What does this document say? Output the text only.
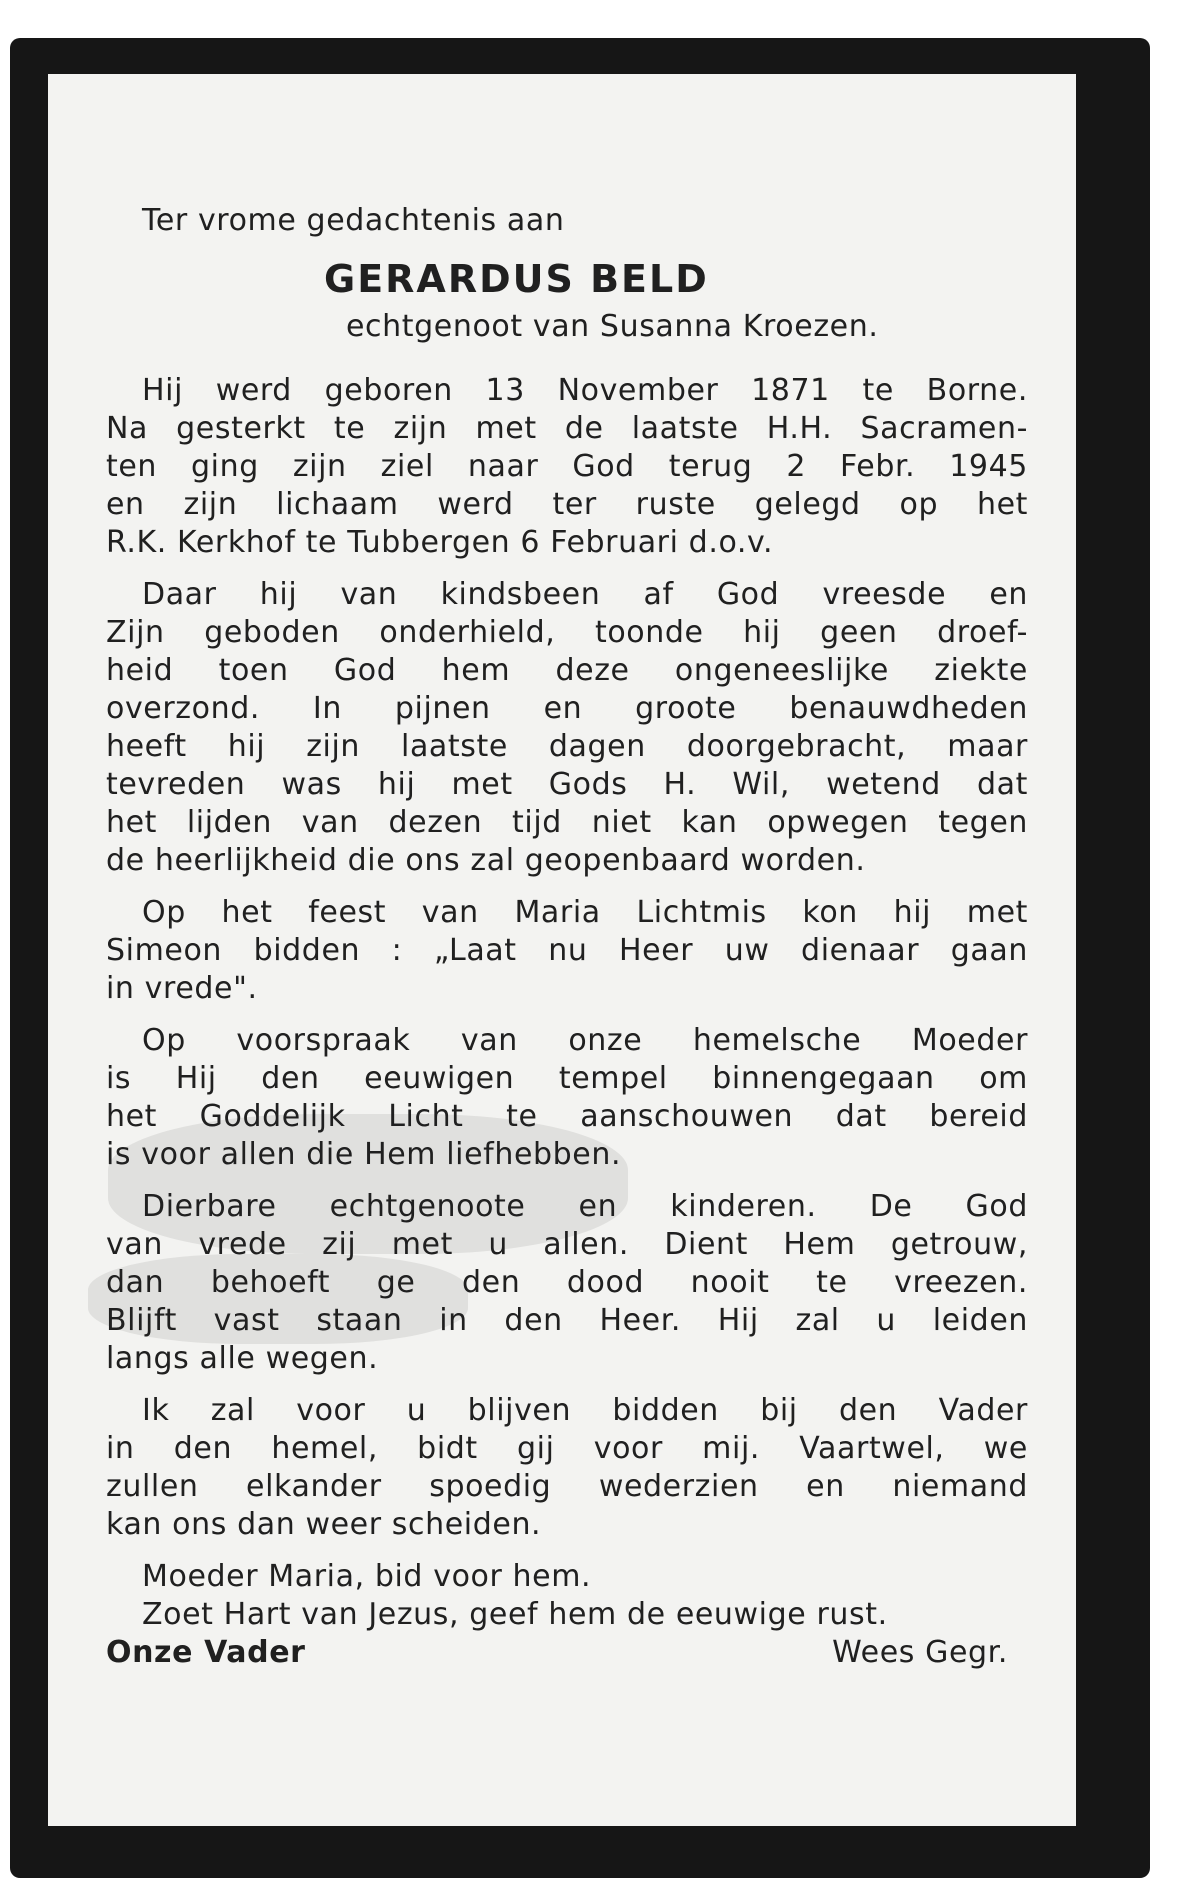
Ter vrome gedachtenis aan
GERARDUS BELD
echtgenoot van Susanna Kroezen.
Hij werd geboren 13 November 1871 te Borne.
Na gesterkt te zijn met de laatste H.H. Sacramen-
ten ging zijn ziel naar God terug 2 Febr. 1945
en zijn lichaam werd ter ruste gelegd op het
R.K. Kerkhof te Tubbergen 6 Februari d.o.v.
Daar hij van kindsbeen af God vreesde en
Zijn geboden onderhield, toonde hij geen droef-
heid toen God hem deze ongeneeslijke ziekte
overzond. In pijnen en groote benauwdheden
heeft hij zijn laatste dagen doorgebracht, maar
tevreden was hij met Gods H. Wil, wetend dat
het lijden van dezen tijd niet kan opwegen tegen
de heerlijkheid die ons zal geopenbaard worden.
Op het feest van Maria Lichtmis kon hij met
Simeon bidden : „Laat nu Heer uw dienaar gaan
in vrede".
Op voorspraak van onze hemelsche Moeder
is Hij den eeuwigen tempel binnengegaan om
het Goddelijk Licht te aanschouwen dat bereid
is voor allen die Hem liefhebben.
Dierbare echtgenoote en kinderen. De God
van vrede zij met u allen. Dient Hem getrouw,
dan behoeft ge den dood nooit te vreezen.
Blijft vast staan in den Heer. Hij zal u leiden
langs alle wegen.
Ik zal voor u blijven bidden bij den Vader
in den hemel, bidt gij voor mij. Vaartwel, we
zullen elkander spoedig wederzien en niemand
kan ons dan weer scheiden.
Moeder Maria, bid voor hem.
Zoet Hart van Jezus, geef hem de eeuwige rust.
Onze Vader	Wees Gegr.
